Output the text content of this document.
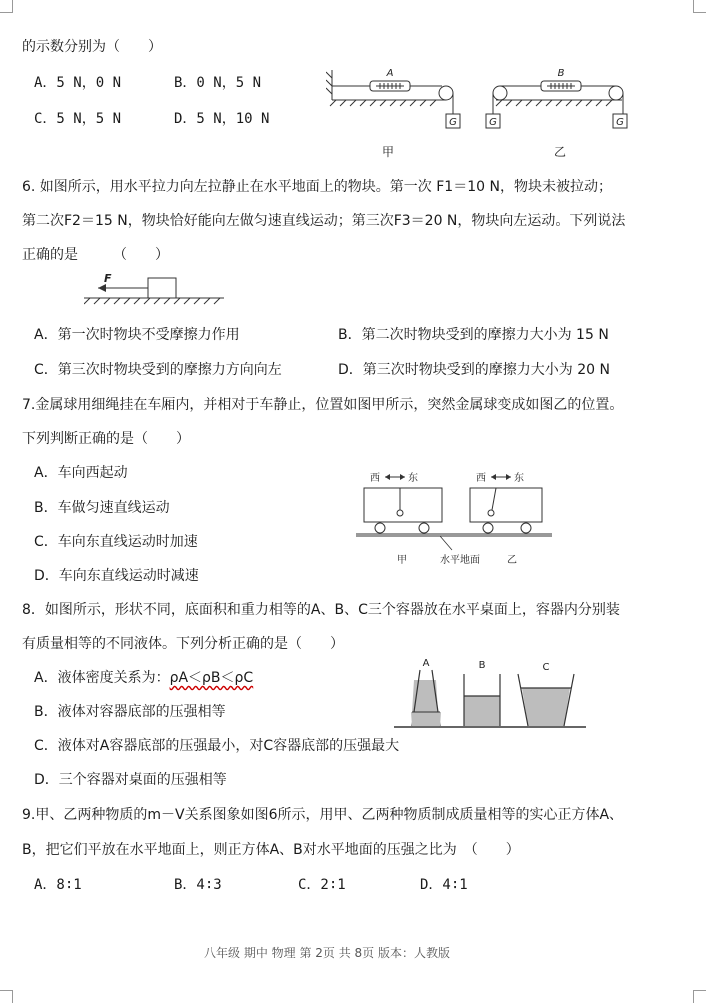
的示数分别为（　　）
A．5 N，0 N	B．0 N，5 N
C．5 N，5 N	D．5 N，10 N
A
G
B
G	G
甲	乙
6. 如图所示，用水平拉力向左拉静止在水平地面上的物块。第一次 F1＝10 N，物块未被拉动；
第二次F2＝15 N，物块恰好能向左做匀速直线运动；第三次F3＝20 N，物块向左运动。下列说法
正确的是　　　（　　）
F
A．第一次时物块不受摩擦力作用	B．第二次时物块受到的摩擦力大小为 15 N
C．第三次时物块受到的摩擦力方向向左	D．第三次时物块受到的摩擦力大小为 20 N
7.金属球用细绳挂在车厢内，并相对于车静止，位置如图甲所示，突然金属球变成如图乙的位置。
下列判断正确的是（　　）
A．车向西起动
B．车做匀速直线运动
C．车向东直线运动时加速
D．车向东直线运动时减速
西	东	西	东
甲	水平地面	乙
8．如图所示，形状不同，底面积和重力相等的A、B、C三个容器放在水平桌面上，容器内分别装
有质量相等的不同液体。下列分析正确的是（　　）
A．液体密度关系为：ρA＜ρB＜ρC
B．液体对容器底部的压强相等
C．液体对A容器底部的压强最小，对C容器底部的压强最大
D．三个容器对桌面的压强相等
A	B	C
9.甲、乙两种物质的m－V关系图象如图6所示，用甲、乙两种物质制成质量相等的实心正方体A、
B，把它们平放在水平地面上，则正方体A、B对水平地面的压强之比为　（　　）
A．8∶1	B．4∶3	C．2∶1	D．4∶1
八年级 期中 物理 第 2页 共 8页 版本：人教版
